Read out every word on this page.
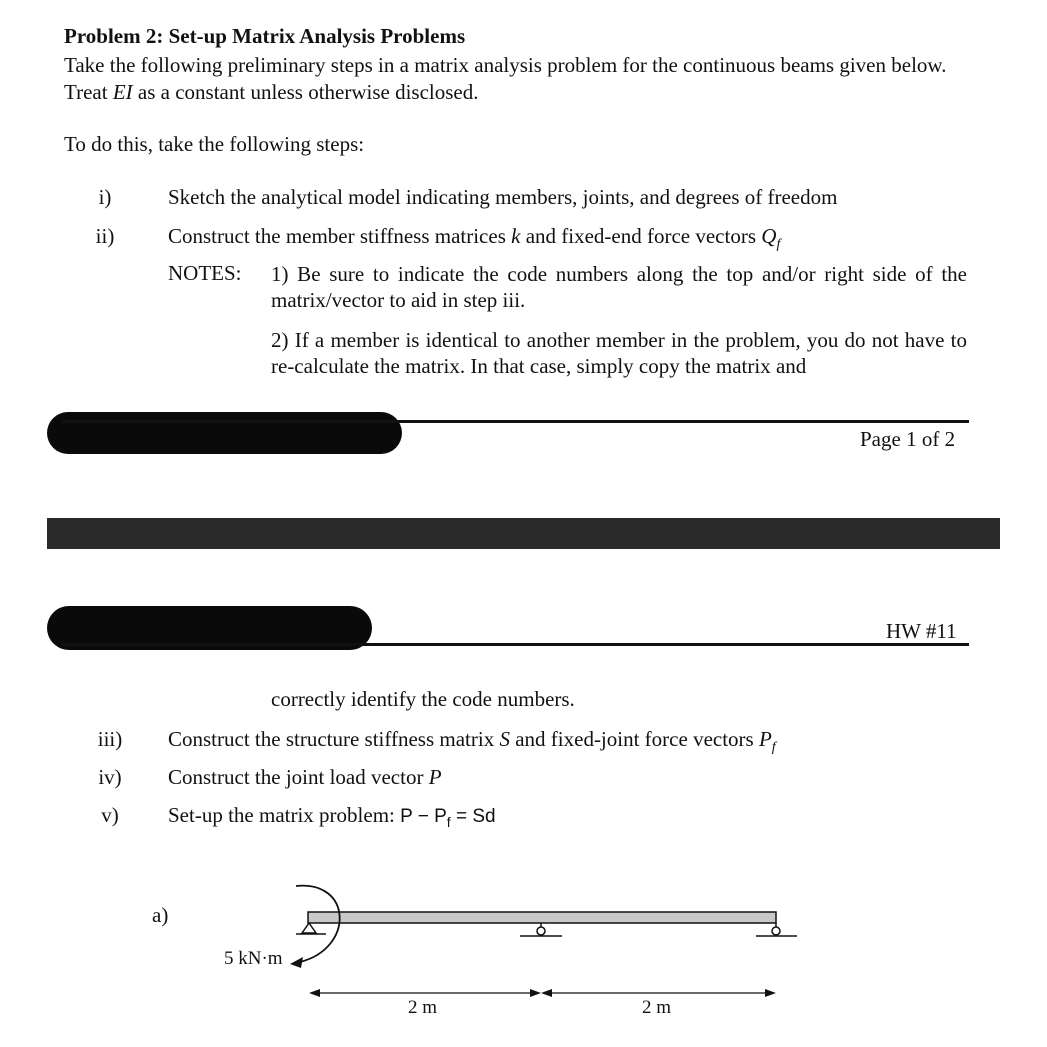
Problem 2: Set-up Matrix Analysis Problems
Take the following preliminary steps in a matrix analysis problem for the continuous beams given below. Treat EI as a constant unless otherwise disclosed.
To do this, take the following steps:
i)	Sketch the analytical model indicating members, joints, and degrees of freedom
ii)	Construct the member stiffness matrices k and fixed-end force vectors $Q_f$
NOTES: 1) Be sure to indicate the code numbers along the top and/or right side of the matrix/vector to aid in step iii.
2) If a member is identical to another member in the problem, you do not have to re-calculate the matrix. In that case, simply copy the matrix and
Page 1 of 2
HW #11
correctly identify the code numbers.
iii)	Construct the structure stiffness matrix S and fixed-joint force vectors $P_f$
iv)	Construct the joint load vector P
v)	Set-up the matrix problem: $P - P_f = Sd$
a)
5 kN·m
2 m	2 m
